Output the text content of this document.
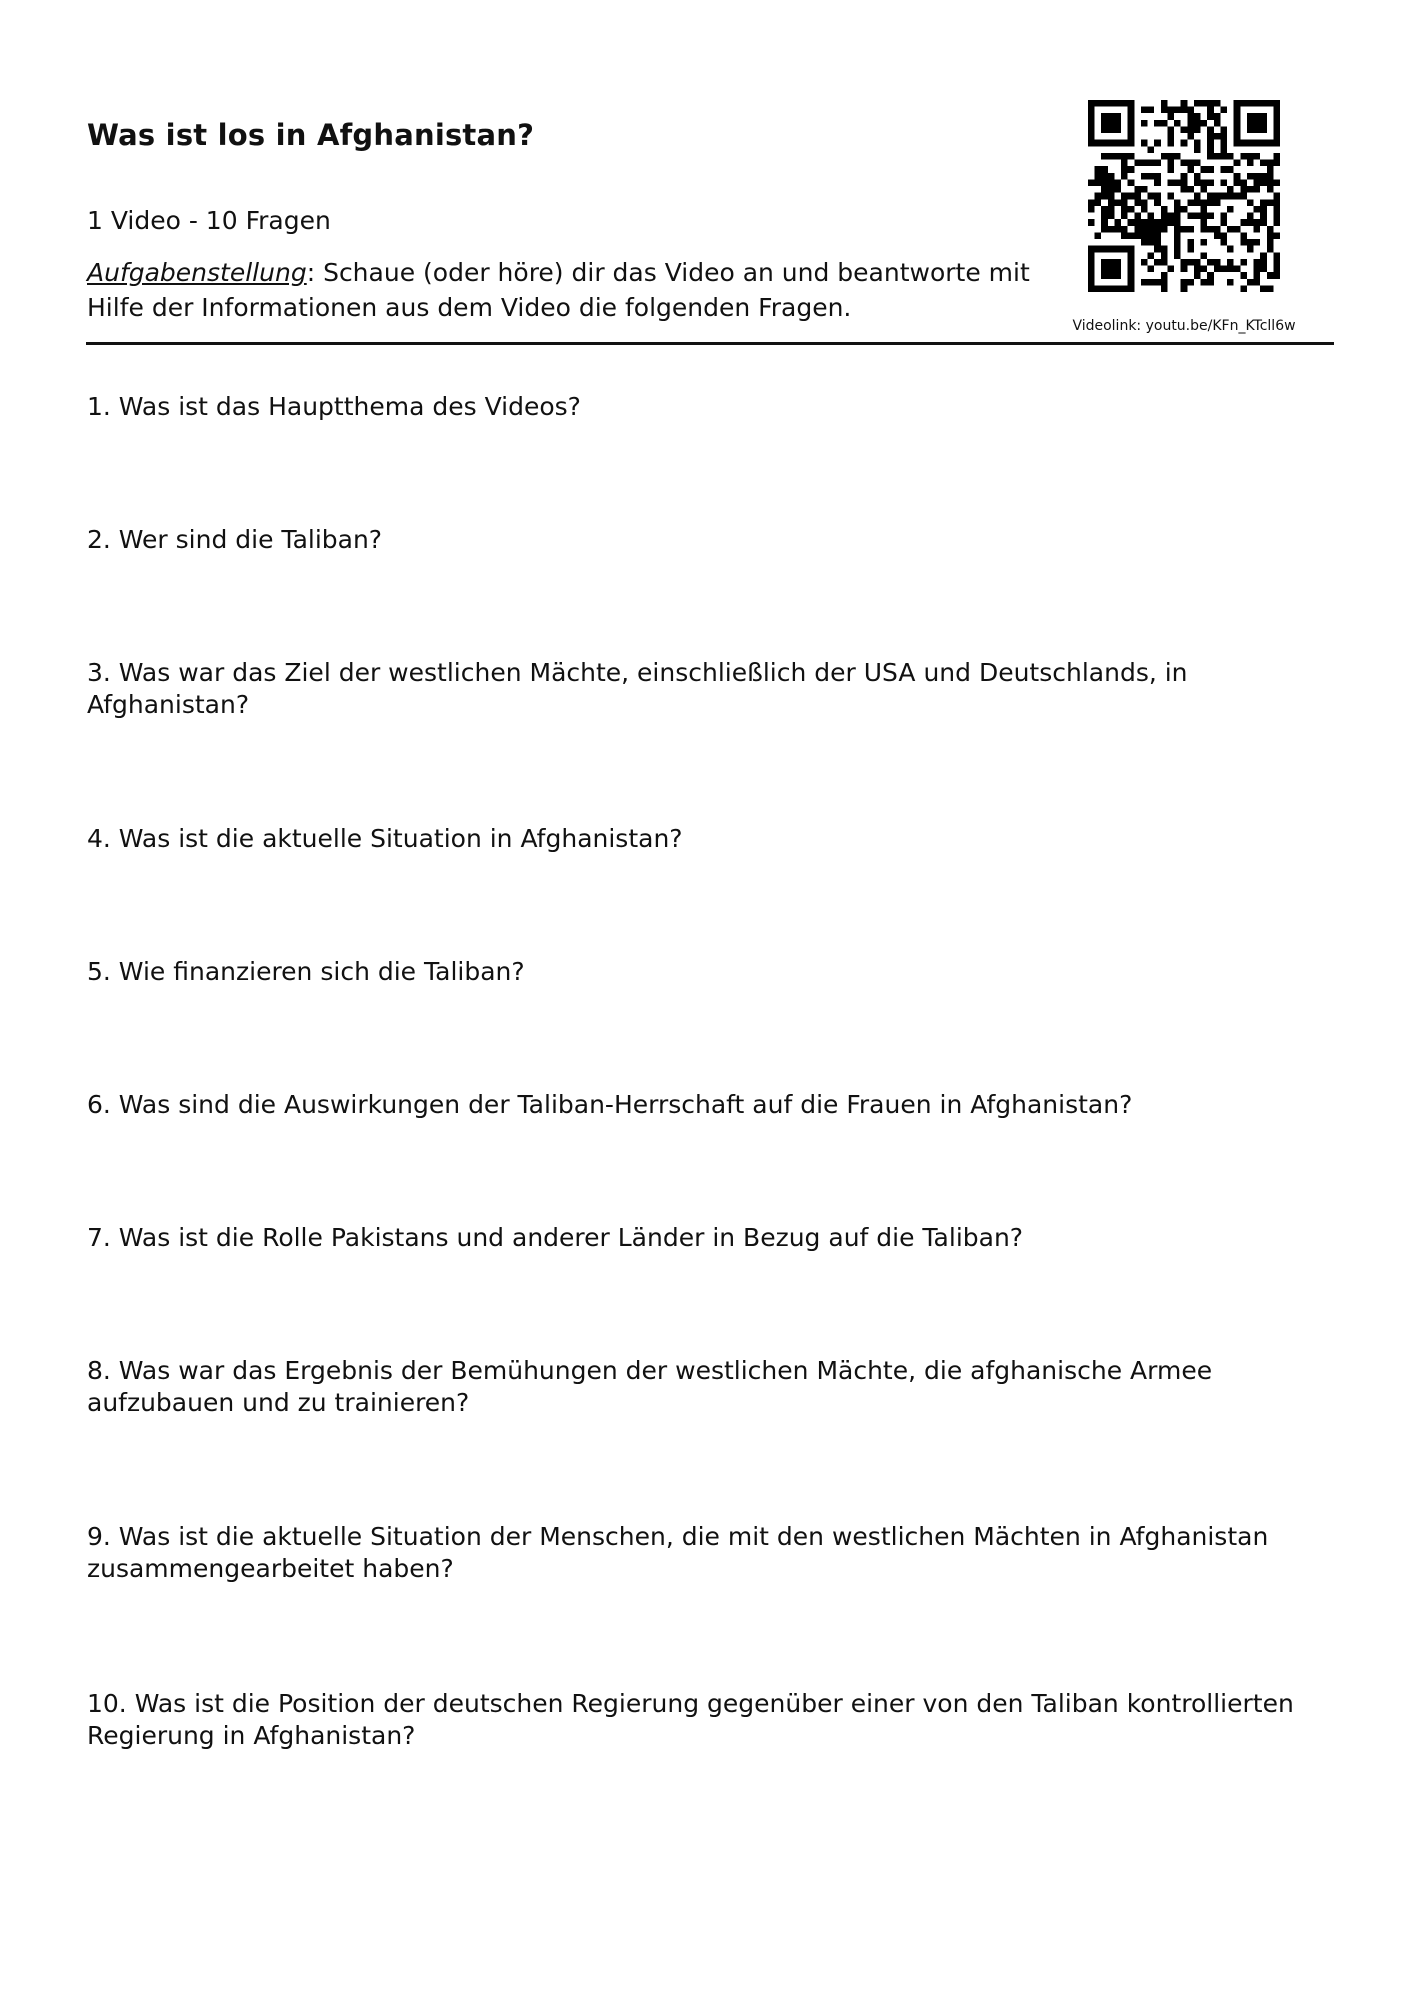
Was ist los in Afghanistan?

1 Video - 10 Fragen

Aufgabenstellung: Schaue (oder höre) dir das Video an und beantworte mit Hilfe der Informationen aus dem Video die folgenden Fragen.

Videolink: youtu.be/KFn_KTcll6w

1. Was ist das Hauptthema des Videos?

2. Wer sind die Taliban?

3. Was war das Ziel der westlichen Mächte, einschließlich der USA und Deutschlands, in Afghanistan?

4. Was ist die aktuelle Situation in Afghanistan?

5. Wie finanzieren sich die Taliban?

6. Was sind die Auswirkungen der Taliban-Herrschaft auf die Frauen in Afghanistan?

7. Was ist die Rolle Pakistans und anderer Länder in Bezug auf die Taliban?

8. Was war das Ergebnis der Bemühungen der westlichen Mächte, die afghanische Armee aufzubauen und zu trainieren?

9. Was ist die aktuelle Situation der Menschen, die mit den westlichen Mächten in Afghanistan zusammengearbeitet haben?

10. Was ist die Position der deutschen Regierung gegenüber einer von den Taliban kontrollierten Regierung in Afghanistan?
